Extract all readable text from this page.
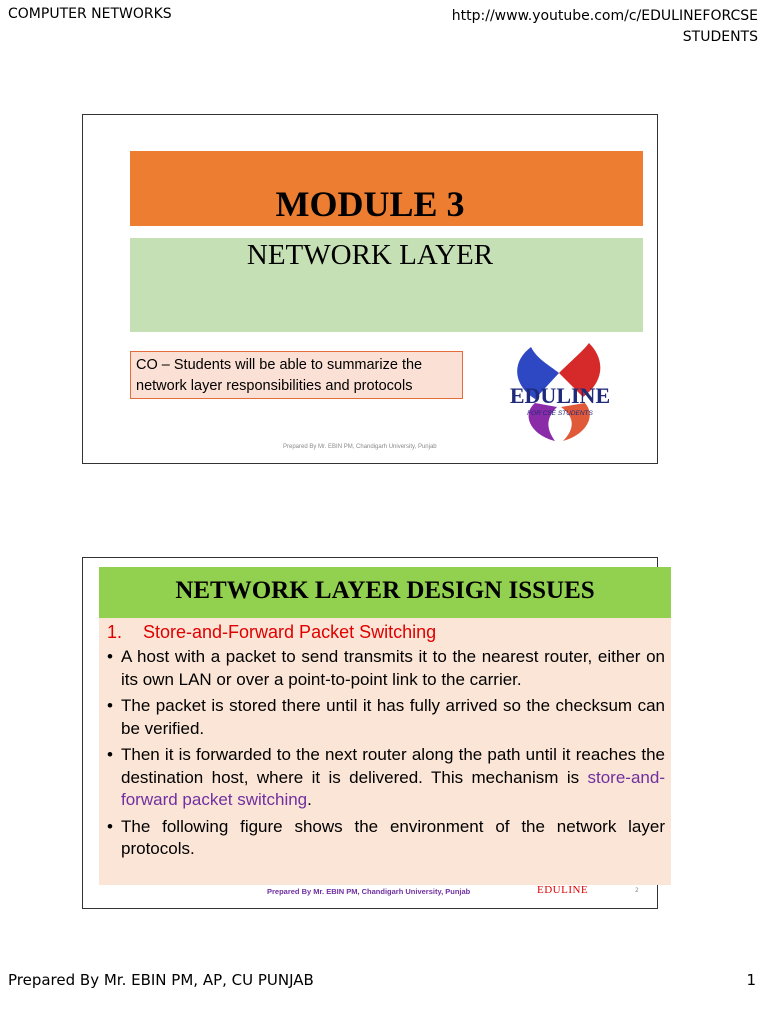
COMPUTER NETWORKS	http://www.youtube.com/c/EDULINEFORCSE
STUDENTS
MODULE 3
NETWORK LAYER
CO – Students will be able to summarize the
network layer responsibilities and protocols	EDULINE
FOR CSE STUDENTS
Prepared By Mr. EBIN PM, Chandigarh University, Punjab
NETWORK LAYER DESIGN ISSUES
1. Store-and-Forward Packet Switching
• A host with a packet to send transmits it to the nearest router, either on its own LAN or over a point-to-point link to the carrier.
• The packet is stored there until it has fully arrived so the checksum can be verified.
• Then it is forwarded to the next router along the path until it reaches the destination host, where it is delivered. This mechanism is store-and-forward packet switching.
• The following figure shows the environment of the network layer protocols.
Prepared By Mr. EBIN PM, Chandigarh University, Punjab	EDULINE	2
Prepared By Mr. EBIN PM, AP, CU PUNJAB	1
